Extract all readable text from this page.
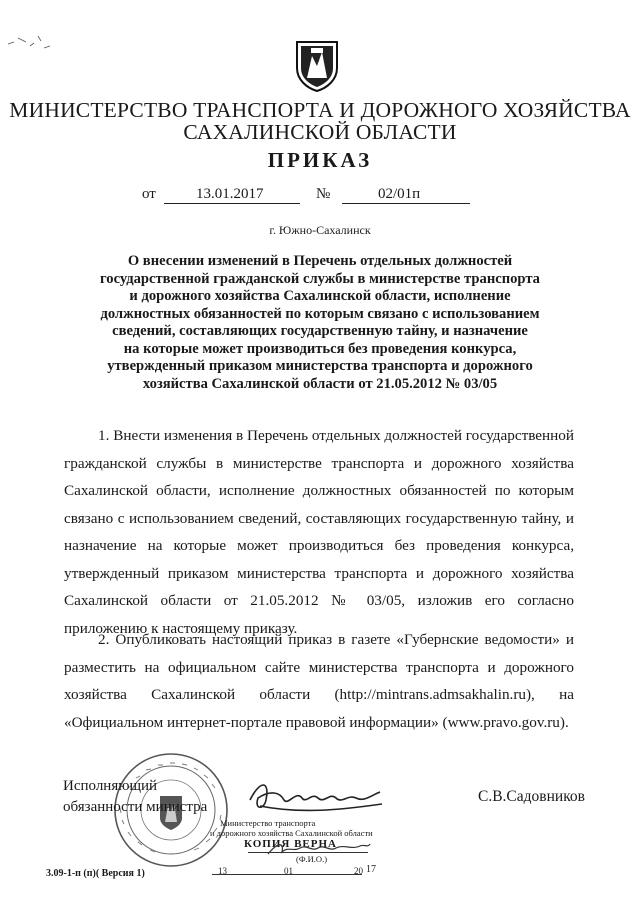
МИНИСТЕРСТВО ТРАНСПОРТА И ДОРОЖНОГО ХОЗЯЙСТВА
САХАЛИНСКОЙ ОБЛАСТИ
ПРИКАЗ
от	13.01.2017	№	02/01п
г. Южно-Сахалинск
О внесении изменений в Перечень отдельных должностей
государственной гражданской службы в министерстве транспорта
и дорожного хозяйства Сахалинской области, исполнение
должностных обязанностей по которым связано с использованием
сведений, составляющих государственную тайну, и назначение
на которые может производиться без проведения конкурса,
утвержденный приказом министерства транспорта и дорожного
хозяйства Сахалинской области от 21.05.2012 № 03/05

1. Внести изменения в Перечень отдельных должностей государственной гражданской службы в министерстве транспорта и дорожного хозяйства Сахалинской области, исполнение должностных обязанностей по которым связано с использованием сведений, составляющих государственную тайну, и назначение на которые может производиться без проведения конкурса, утвержденный приказом министерства транспорта и дорожного хозяйства Сахалинской области от 21.05.2012 № 03/05, изложив его согласно приложению к настоящему приказу.

2. Опубликовать настоящий приказ в газете «Губернские ведомости» и разместить на официальном сайте министерства транспорта и дорожного хозяйства Сахалинской области (http://mintrans.admsakhalin.ru), на «Официальном интернет-портале правовой информации» (www.pravo.gov.ru).

Исполняющий
обязанности министра
С.В.Садовников
Министерство транспорта
и дорожного хозяйства Сахалинской области
КОПИЯ ВЕРНА
(Ф.И.О.)
13	01	20 17
3.09-1-п (п)( Версия 1)
